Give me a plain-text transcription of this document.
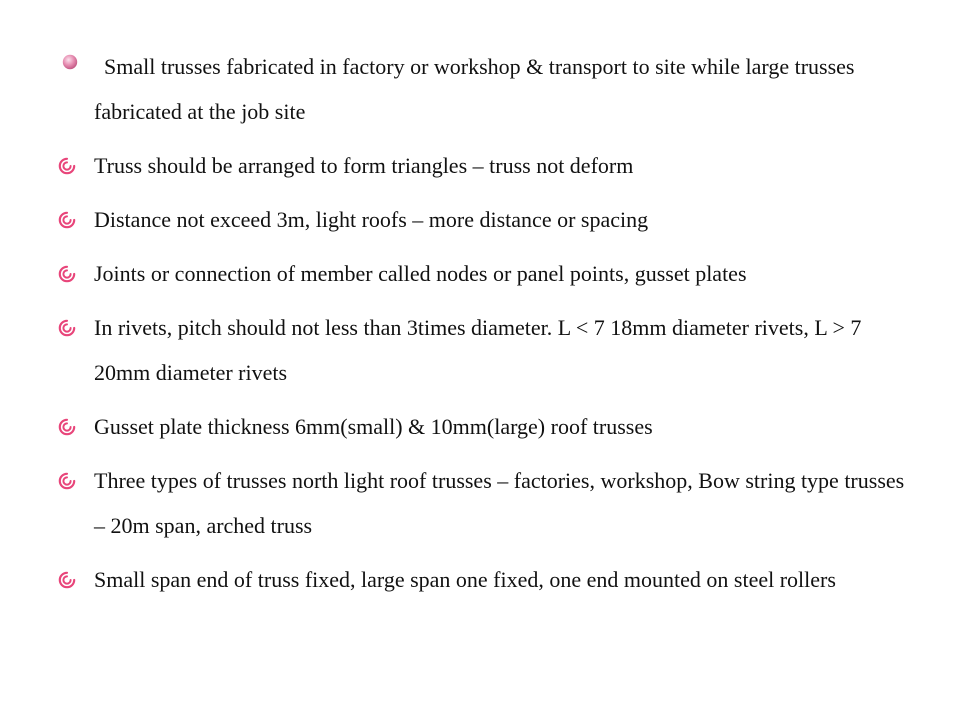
Small trusses fabricated in factory or workshop & transport to site while large trusses fabricated at the job site
Truss should be arranged to form triangles – truss not deform
Distance not exceed 3m, light roofs – more distance or spacing
Joints or connection of member called nodes or panel points, gusset plates
In rivets, pitch should not less than 3times diameter. L < 7 18mm diameter rivets, L > 7 20mm diameter rivets
Gusset plate thickness 6mm(small) & 10mm(large) roof trusses
Three types of trusses north light roof trusses – factories, workshop, Bow string type trusses – 20m span, arched truss
Small span end of truss fixed, large span one fixed, one end mounted on steel rollers
